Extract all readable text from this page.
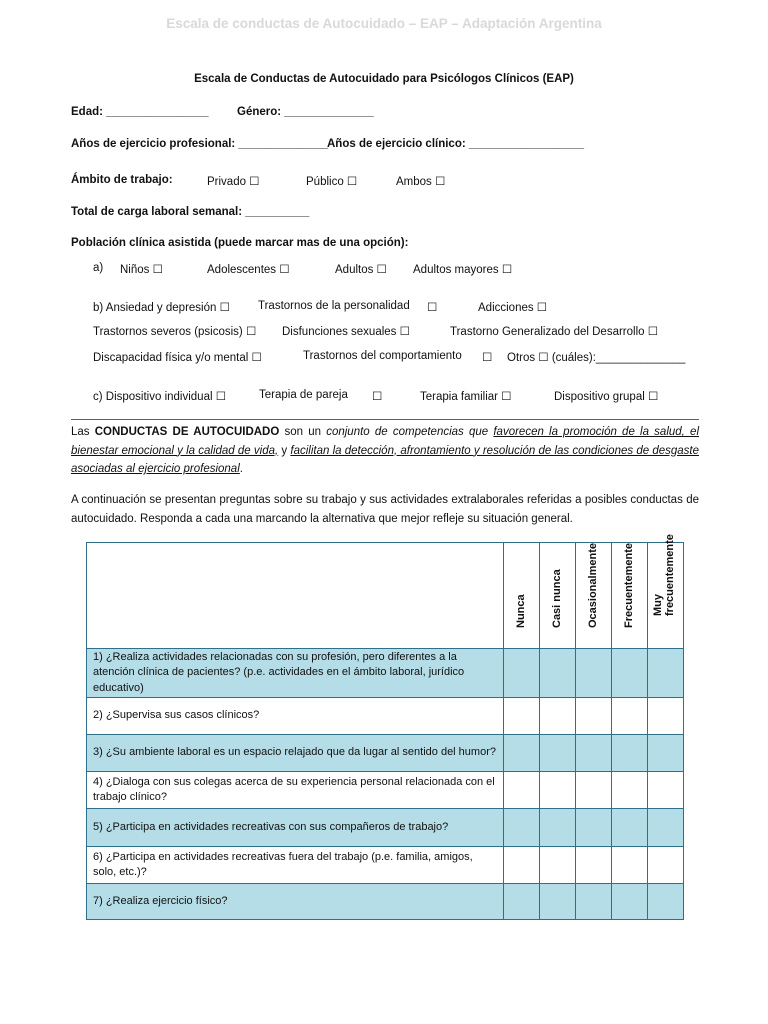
Escala de conductas de Autocuidado – EAP – Adaptación Argentina
Escala de Conductas de Autocuidado para Psicólogos Clínicos (EAP)
Edad: ________________ Género: ______________
Años de ejercicio profesional: ______________ Años de ejercicio clínico: __________________
Ámbito de trabajo:	Privado ☐	Público ☐	Ambos ☐
Total de carga laboral semanal: __________
Población clínica asistida (puede marcar mas de una opción):
a) Niños ☐	Adolescentes ☐	Adultos ☐ Adultos mayores ☐
b) Ansiedad y depresión ☐ Trastornos de la personalidad ☐	Adicciones ☐
Trastornos severos (psicosis) ☐ Disfunciones sexuales ☐	Trastorno Generalizado del Desarrollo ☐
Discapacidad física y/o mental ☐	Trastornos del comportamiento ☐ Otros ☐ (cuáles):______________
c) Dispositivo individual ☐	Terapia de pareja ☐	Terapia familiar ☐	Dispositivo grupal ☐
Las CONDUCTAS DE AUTOCUIDADO son un conjunto de competencias que favorecen la promoción de la salud, el bienestar emocional y la calidad de vida, y facilitan la detección, afrontamiento y resolución de las condiciones de desgaste asociadas al ejercicio profesional.
A continuación se presentan preguntas sobre su trabajo y sus actividades extralaborales referidas a posibles conductas de autocuidado. Responda a cada una marcando la alternativa que mejor refleje su situación general.

	Nunca	Casi nunca	Ocasionalmente	Frecuentemente	Muy frecuentemente

1) ¿Realiza actividades relacionadas con su profesión, pero diferentes a la atención clínica de pacientes? (p.e. actividades en el ámbito laboral, jurídico educativo)					
2) ¿Supervisa sus casos clínicos?					
3) ¿Su ambiente laboral es un espacio relajado que da lugar al sentido del humor?					
4) ¿Dialoga con sus colegas acerca de su experiencia personal relacionada con el trabajo clínico?					
5) ¿Participa en actividades recreativas con sus compañeros de trabajo?					
6) ¿Participa en actividades recreativas fuera del trabajo (p.e. familia, amigos, solo, etc.)?					
7) ¿Realiza ejercicio físico?					
